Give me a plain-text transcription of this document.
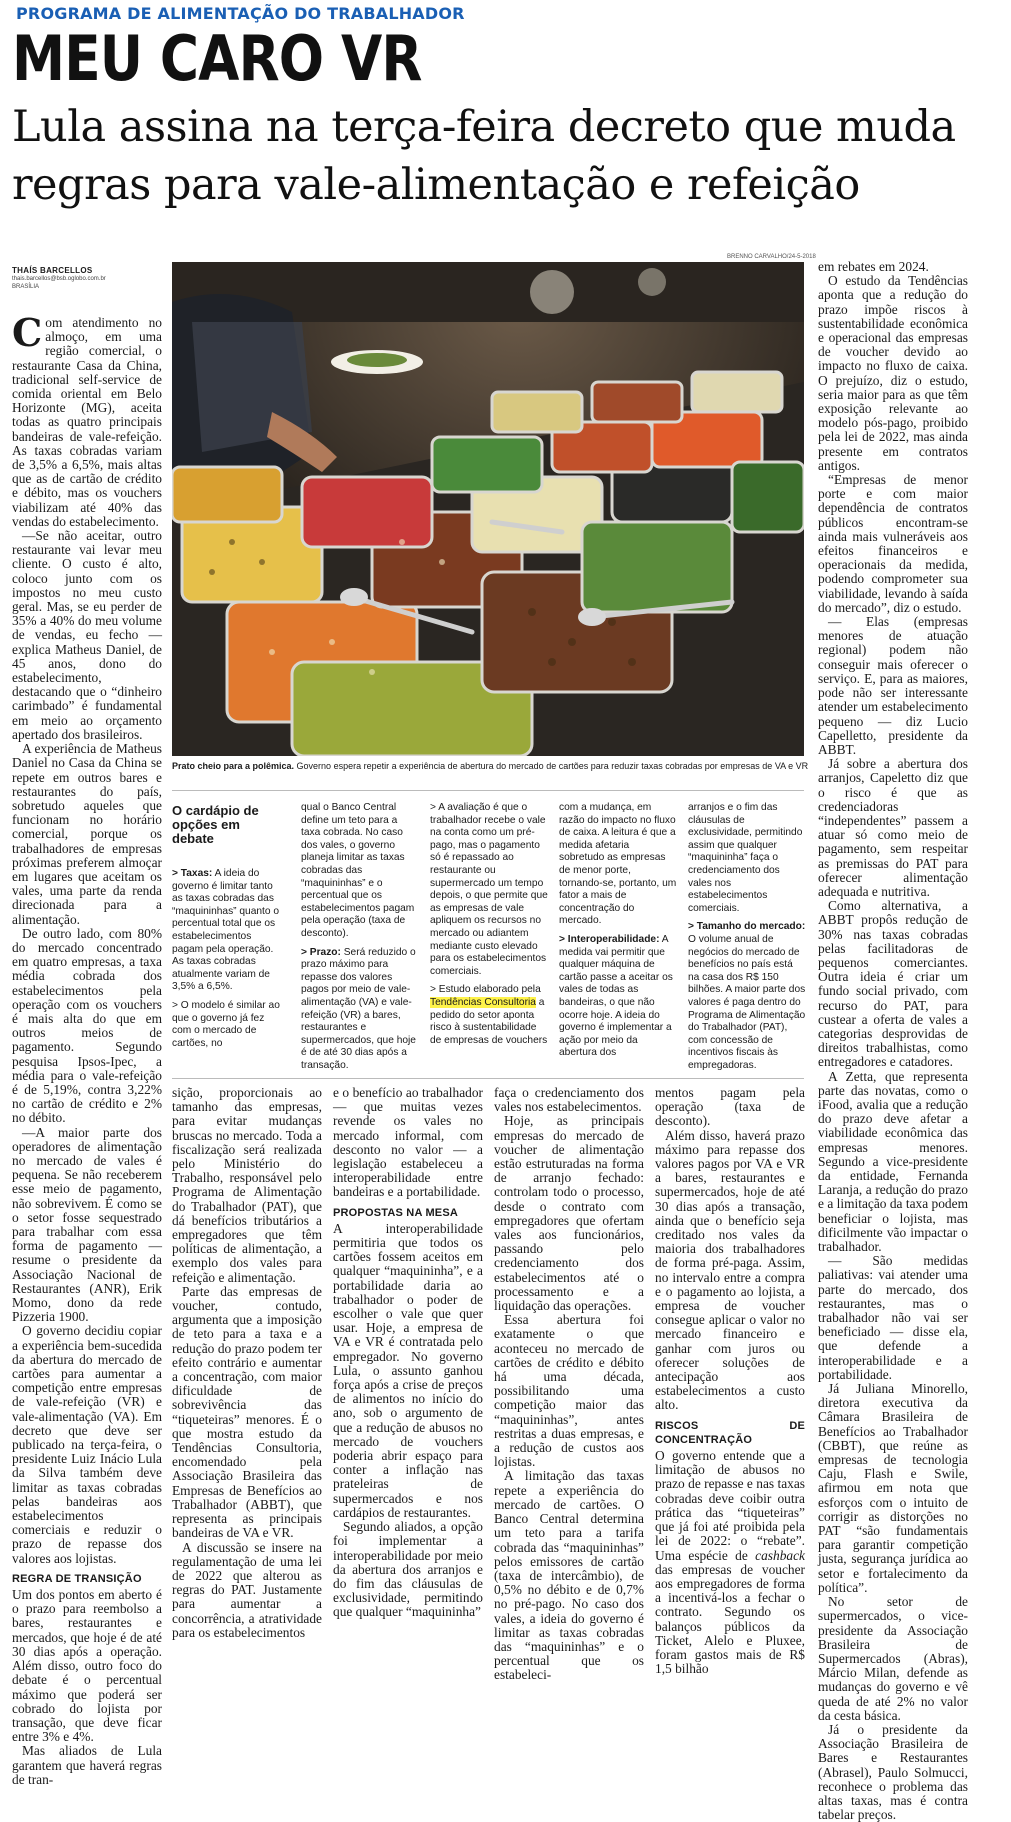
PROGRAMA DE ALIMENTAÇÃO DO TRABALHADOR
MEU CARO VR
Lula assina na terça-feira decreto que muda regras para vale-alimentação e refeição
THAÍS BARCELLOS
thais.barcellos@bsb.oglobo.com.br
BRASÍLIA
BRENNO CARVALHO/24-5-2018
Prato cheio para a polêmica. Governo espera repetir a experiência de abertura do mercado de cartões para reduzir taxas cobradas por empresas de VA e VR

Com atendimento no almoço, em uma região comercial, o restaurante Casa da China, tradicional self-service de comida oriental em Belo Horizonte (MG), aceita todas as quatro principais bandeiras de vale-refeição. As taxas cobradas variam de 3,5% a 6,5%, mais altas que as de cartão de crédito e débito, mas os vouchers viabilizam até 40% das vendas do estabelecimento.

—Se não aceitar, outro restaurante vai levar meu cliente. O custo é alto, coloco junto com os impostos no meu custo geral. Mas, se eu perder de 35% a 40% do meu volume de vendas, eu fecho — explica Matheus Daniel, de 45 anos, dono do estabelecimento, destacando que o “dinheiro carimbado” é fundamental em meio ao orçamento apertado dos brasileiros.

A experiência de Matheus Daniel no Casa da China se repete em outros bares e restaurantes do país, sobretudo aqueles que funcionam no horário comercial, porque os trabalhadores de empresas próximas preferem almoçar em lugares que aceitam os vales, uma parte da renda direcionada para a alimentação.

De outro lado, com 80% do mercado concentrado em quatro empresas, a taxa média cobrada dos estabelecimentos pela operação com os vouchers é mais alta do que em outros meios de pagamento. Segundo pesquisa Ipsos-Ipec, a média para o vale-refeição é de 5,19%, contra 3,22% no cartão de crédito e 2% no débito.

—A maior parte dos operadores de alimentação no mercado de vales é pequena. Se não receberem esse meio de pagamento, não sobrevivem. É como se o setor fosse sequestrado para trabalhar com essa forma de pagamento — resume o presidente da Associação Nacional de Restaurantes (ANR), Erik Momo, dono da rede Pizzeria 1900.

O governo decidiu copiar a experiência bem-sucedida da abertura do mercado de cartões para aumentar a competição entre empresas de vale-refeição (VR) e vale-alimentação (VA). Em decreto que deve ser publicado na terça-feira, o presidente Luiz Inácio Lula da Silva também deve limitar as taxas cobradas pelas bandeiras aos estabelecimentos comerciais e reduzir o prazo de repasse dos valores aos lojistas.

REGRA DE TRANSIÇÃO

Um dos pontos em aberto é o prazo para reembolso a bares, restaurantes e mercados, que hoje é de até 30 dias após a operação. Além disso, outro foco do debate é o percentual máximo que poderá ser cobrado do lojista por transação, que deve ficar entre 3% e 4%.

Mas aliados de Lula garantem que haverá regras de tran-

O cardápio de opções em debate

> Taxas: A ideia do governo é limitar tanto as taxas cobradas das “maquininhas” quanto o percentual total que os estabelecimentos pagam pela operação. As taxas cobradas atualmente variam de 3,5% a 6,5%.

> O modelo é similar ao que o governo já fez com o mercado de cartões, no

qual o Banco Central define um teto para a taxa cobrada. No caso dos vales, o governo planeja limitar as taxas cobradas das “maquininhas” e o percentual que os estabelecimentos pagam pela operação (taxa de desconto).

> Prazo: Será reduzido o prazo máximo para repasse dos valores pagos por meio de vale-alimentação (VA) e vale-refeição (VR) a bares, restaurantes e supermercados, que hoje é de até 30 dias após a transação.

> A avaliação é que o trabalhador recebe o vale na conta como um pré-pago, mas o pagamento só é repassado ao restaurante ou supermercado um tempo depois, o que permite que as empresas de vale apliquem os recursos no mercado ou adiantem mediante custo elevado para os estabelecimentos comerciais.

> Estudo elaborado pela Tendências Consultoria a pedido do setor aponta risco à sustentabilidade de empresas de vouchers

com a mudança, em razão do impacto no fluxo de caixa. A leitura é que a medida afetaria sobretudo as empresas de menor porte, tornando-se, portanto, um fator a mais de concentração do mercado.

> Interoperabilidade: A medida vai permitir que qualquer máquina de cartão passe a aceitar os vales de todas as bandeiras, o que não ocorre hoje. A ideia do governo é implementar a ação por meio da abertura dos

arranjos e o fim das cláusulas de exclusividade, permitindo assim que qualquer “maquininha” faça o credenciamento dos vales nos estabelecimentos comerciais.

> Tamanho do mercado: O volume anual de negócios do mercado de benefícios no país está na casa dos R$ 150 bilhões. A maior parte dos valores é paga dentro do Programa de Alimentação do Trabalhador (PAT), com concessão de incentivos fiscais às empregadoras.

sição, proporcionais ao tamanho das empresas, para evitar mudanças bruscas no mercado. Toda a fiscalização será realizada pelo Ministério do Trabalho, responsável pelo Programa de Alimentação do Trabalhador (PAT), que dá benefícios tributários a empregadores que têm políticas de alimentação, a exemplo dos vales para refeição e alimentação.

Parte das empresas de voucher, contudo, argumenta que a imposição de teto para a taxa e a redução do prazo podem ter efeito contrário e aumentar a concentração, com maior dificuldade de sobrevivência das “tiqueteiras” menores. É o que mostra estudo da Tendências Consultoria, encomendado pela Associação Brasileira das Empresas de Benefícios ao Trabalhador (ABBT), que representa as principais bandeiras de VA e VR.

A discussão se insere na regulamentação de uma lei de 2022 que alterou as regras do PAT. Justamente para aumentar a concorrência, a atratividade para os estabelecimentos

e o benefício ao trabalhador — que muitas vezes revende os vales no mercado informal, com desconto no valor — a legislação estabeleceu a interoperabilidade entre bandeiras e a portabilidade.

PROPOSTAS NA MESA

A interoperabilidade permitiria que todos os cartões fossem aceitos em qualquer “maquininha”, e a portabilidade daria ao trabalhador o poder de escolher o vale que quer usar. Hoje, a empresa de VA e VR é contratada pelo empregador. No governo Lula, o assunto ganhou força após a crise de preços de alimentos no início do ano, sob o argumento de que a redução de abusos no mercado de vouchers poderia abrir espaço para conter a inflação nas prateleiras de supermercados e nos cardápios de restaurantes.

Segundo aliados, a opção foi implementar a interoperabilidade por meio da abertura dos arranjos e do fim das cláusulas de exclusividade, permitindo que qualquer “maquininha”

faça o credenciamento dos vales nos estabelecimentos.

Hoje, as principais empresas do mercado de voucher de alimentação estão estruturadas na forma de arranjo fechado: controlam todo o processo, desde o contrato com empregadores que ofertam vales aos funcionários, passando pelo credenciamento dos estabelecimentos até o processamento e a liquidação das operações.

Essa abertura foi exatamente o que aconteceu no mercado de cartões de crédito e débito há uma década, possibilitando uma competição maior das “maquininhas”, antes restritas a duas empresas, e a redução de custos aos lojistas.

A limitação das taxas repete a experiência do mercado de cartões. O Banco Central determina um teto para a tarifa cobrada das “maquininhas” pelos emissores de cartão (taxa de intercâmbio), de 0,5% no débito e de 0,7% no pré-pago. No caso dos vales, a ideia do governo é limitar as taxas cobradas das “maquininhas” e o percentual que os estabeleci-

mentos pagam pela operação (taxa de desconto).

Além disso, haverá prazo máximo para repasse dos valores pagos por VA e VR a bares, restaurantes e supermercados, hoje de até 30 dias após a transação, ainda que o benefício seja creditado nos vales da maioria dos trabalhadores de forma pré-paga. Assim, no intervalo entre a compra e o pagamento ao lojista, a empresa de voucher consegue aplicar o valor no mercado financeiro e ganhar com juros ou oferecer soluções de antecipação aos estabelecimentos a custo alto.

RISCOS DE CONCENTRAÇÃO

O governo entende que a limitação de abusos no prazo de repasse e nas taxas cobradas deve coibir outra prática das “tiqueteiras” que já foi até proibida pela lei de 2022: o “rebate”. Uma espécie de cashback das empresas de voucher aos empregadores de forma a incentivá-los a fechar o contrato. Segundo os balanços públicos da Ticket, Alelo e Pluxee, foram gastos mais de R$ 1,5 bilhão

em rebates em 2024.

O estudo da Tendências aponta que a redução do prazo impõe riscos à sustentabilidade econômica e operacional das empresas de voucher devido ao impacto no fluxo de caixa. O prejuízo, diz o estudo, seria maior para as que têm exposição relevante ao modelo pós-pago, proibido pela lei de 2022, mas ainda presente em contratos antigos.

“Empresas de menor porte e com maior dependência de contratos públicos encontram-se ainda mais vulneráveis aos efeitos financeiros e operacionais da medida, podendo comprometer sua viabilidade, levando à saída do mercado”, diz o estudo.

— Elas (empresas menores de atuação regional) podem não conseguir mais oferecer o serviço. E, para as maiores, pode não ser interessante atender um estabelecimento pequeno — diz Lucio Capelletto, presidente da ABBT.

Já sobre a abertura dos arranjos, Capeletto diz que o risco é que as credenciadoras “independentes” passem a atuar só como meio de pagamento, sem respeitar as premissas do PAT para oferecer alimentação adequada e nutritiva.

Como alternativa, a ABBT propôs redução de 30% nas taxas cobradas pelas facilitadoras de pequenos comerciantes. Outra ideia é criar um fundo social privado, com recurso do PAT, para custear a oferta de vales a categorias desprovidas de direitos trabalhistas, como entregadores e catadores.

A Zetta, que representa parte das novatas, como o iFood, avalia que a redução do prazo deve afetar a viabilidade econômica das empresas menores. Segundo a vice-presidente da entidade, Fernanda Laranja, a redução do prazo e a limitação da taxa podem beneficiar o lojista, mas dificilmente vão impactar o trabalhador.

— São medidas paliativas: vai atender uma parte do mercado, dos restaurantes, mas o trabalhador não vai ser beneficiado — disse ela, que defende a interoperabilidade e a portabilidade.

Já Juliana Minorello, diretora executiva da Câmara Brasileira de Benefícios ao Trabalhador (CBBT), que reúne as empresas de tecnologia Caju, Flash e Swile, afirmou em nota que esforços com o intuito de corrigir as distorções no PAT “são fundamentais para garantir competição justa, segurança jurídica ao setor e fortalecimento da política”.

No setor de supermercados, o vice-presidente da Associação Brasileira de Supermercados (Abras), Márcio Milan, defende as mudanças do governo e vê queda de até 2% no valor da cesta básica.

Já o presidente da Associação Brasileira de Bares e Restaurantes (Abrasel), Paulo Solmucci, reconhece o problema das altas taxas, mas é contra tabelar preços.
